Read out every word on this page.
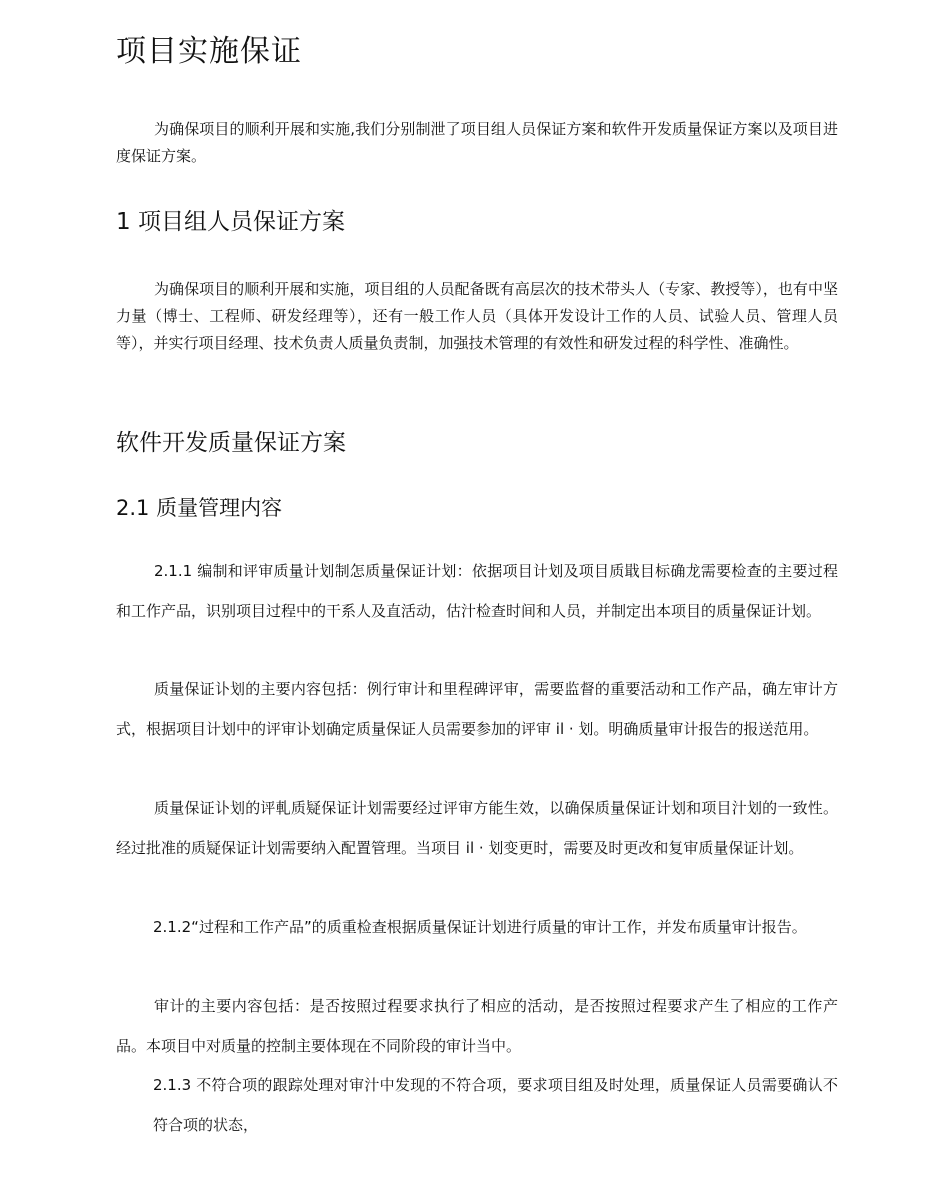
项目实施保证

为确保项目的顺利开展和实施,我们分别制泄了项目组人员保证方案和软件开发质量保证方案以及项目进度保证方案。

1 项目组人员保证方案

为确保项目的顺利开展和实施，项目组的人员配备既有高层次的技术带头人（专家、教授等），也有中坚力量（博士、工程师、研发经理等），还有一般工作人员（具体开发设计工作的人员、试验人员、管理人员等），并实行项目经理、技术负责人质量负责制，加强技术管理的有效性和研发过程的科学性、准确性。

软件开发质量保证方案
2.1 质量管理内容

2.1.1 编制和评审质量计划制怎质量保证计划：依据项目计划及项目质戢目标确龙需要检查的主要过程和工作产品，识别项目过程中的干系人及直活动，估汁检查时间和人员，并制定出本项目的质量保证计划。

质量保证讣划的主要内容包括：例行审计和里程碑评审，需要监督的重要活动和工作产品，确左审计方式，根据项目计划中的评审讣划确定质量保证人员需要参加的评审 il · 划。明确质量审计报告的报送范用。

质量保证讣划的评軋质疑保证计划需要经过评审方能生效，以确保质量保证计划和项目汁划的一致性。经过批准的质疑保证计划需要纳入配置管理。当项目 il · 划变更时，需要及时更改和复审质量保证计划。

2.1.2“过程和工作产品”的质重检查根据质量保证计划进行质量的审计工作，并发布质量审计报告。

审计的主要内容包括：是否按照过程要求执行了相应的活动，是否按照过程要求产生了相应的工作产品。本项目中对质量的控制主要体现在不同阶段的审计当中。

2.1.3 不符合项的跟踪处理对审汁中发现的不符合项，要求项目组及时处理，质量保证人员需要确认不符合项的状态，
